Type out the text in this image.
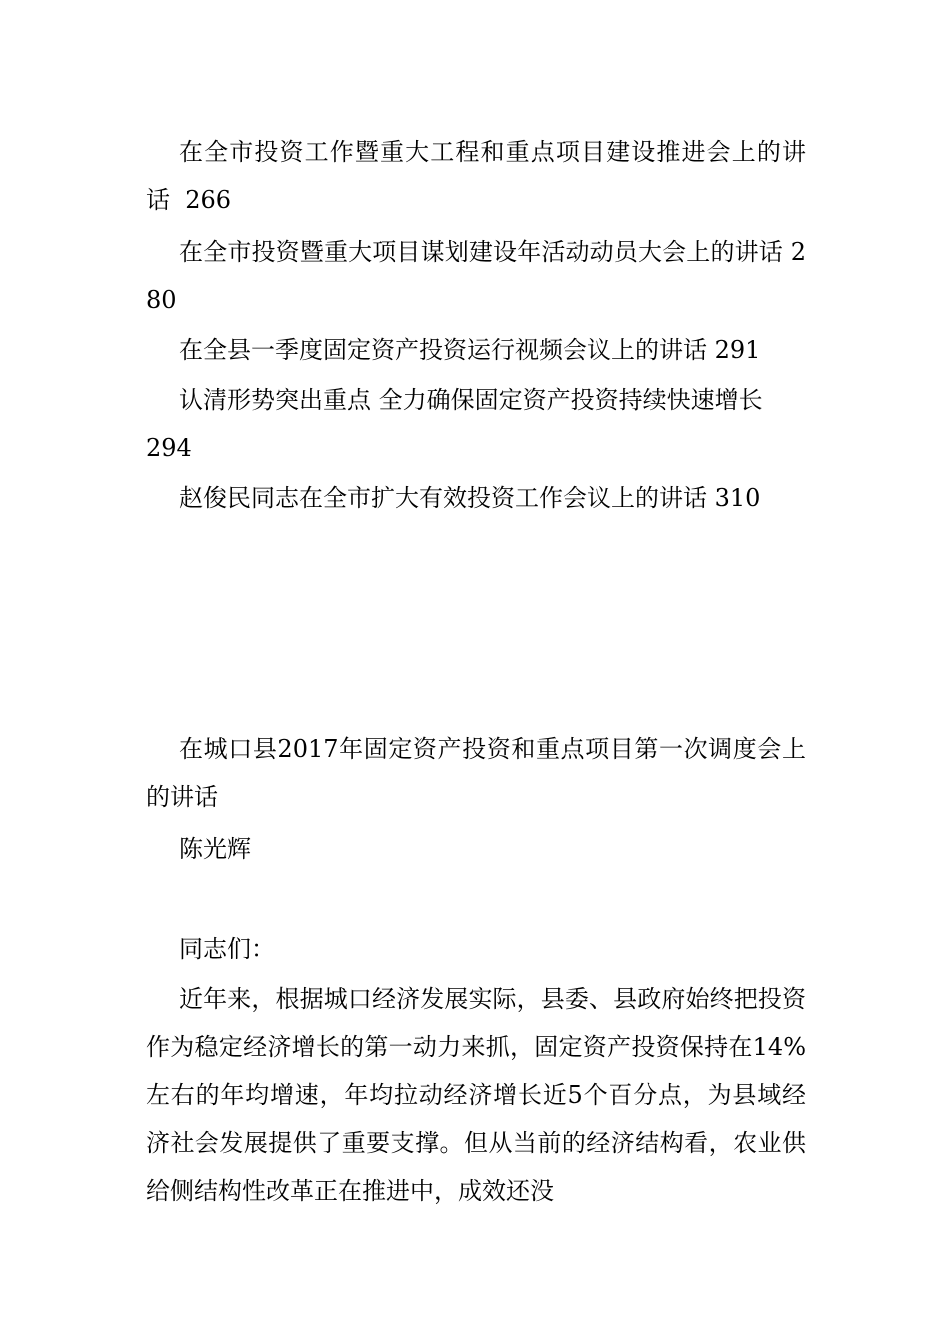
在全市投资工作暨重大工程和重点项目建设推进会上的讲话 266

在全市投资暨重大项目谋划建设年活动动员大会上的讲话 280

在全县一季度固定资产投资运行视频会议上的讲话 291

认清形势突出重点 全力确保固定资产投资持续快速增长
294

赵俊民同志在全市扩大有效投资工作会议上的讲话 310

在城口县2017年固定资产投资和重点项目第一次调度会上的讲话

陈光辉

同志们：

近年来，根据城口经济发展实际，县委、县政府始终把投资作为稳定经济增长的第一动力来抓，固定资产投资保持在14%左右的年均增速，年均拉动经济增长近5个百分点，为县域经济社会发展提供了重要支撑。但从当前的经济结构看，农业供给侧结构性改革正在推进中，成效还没
